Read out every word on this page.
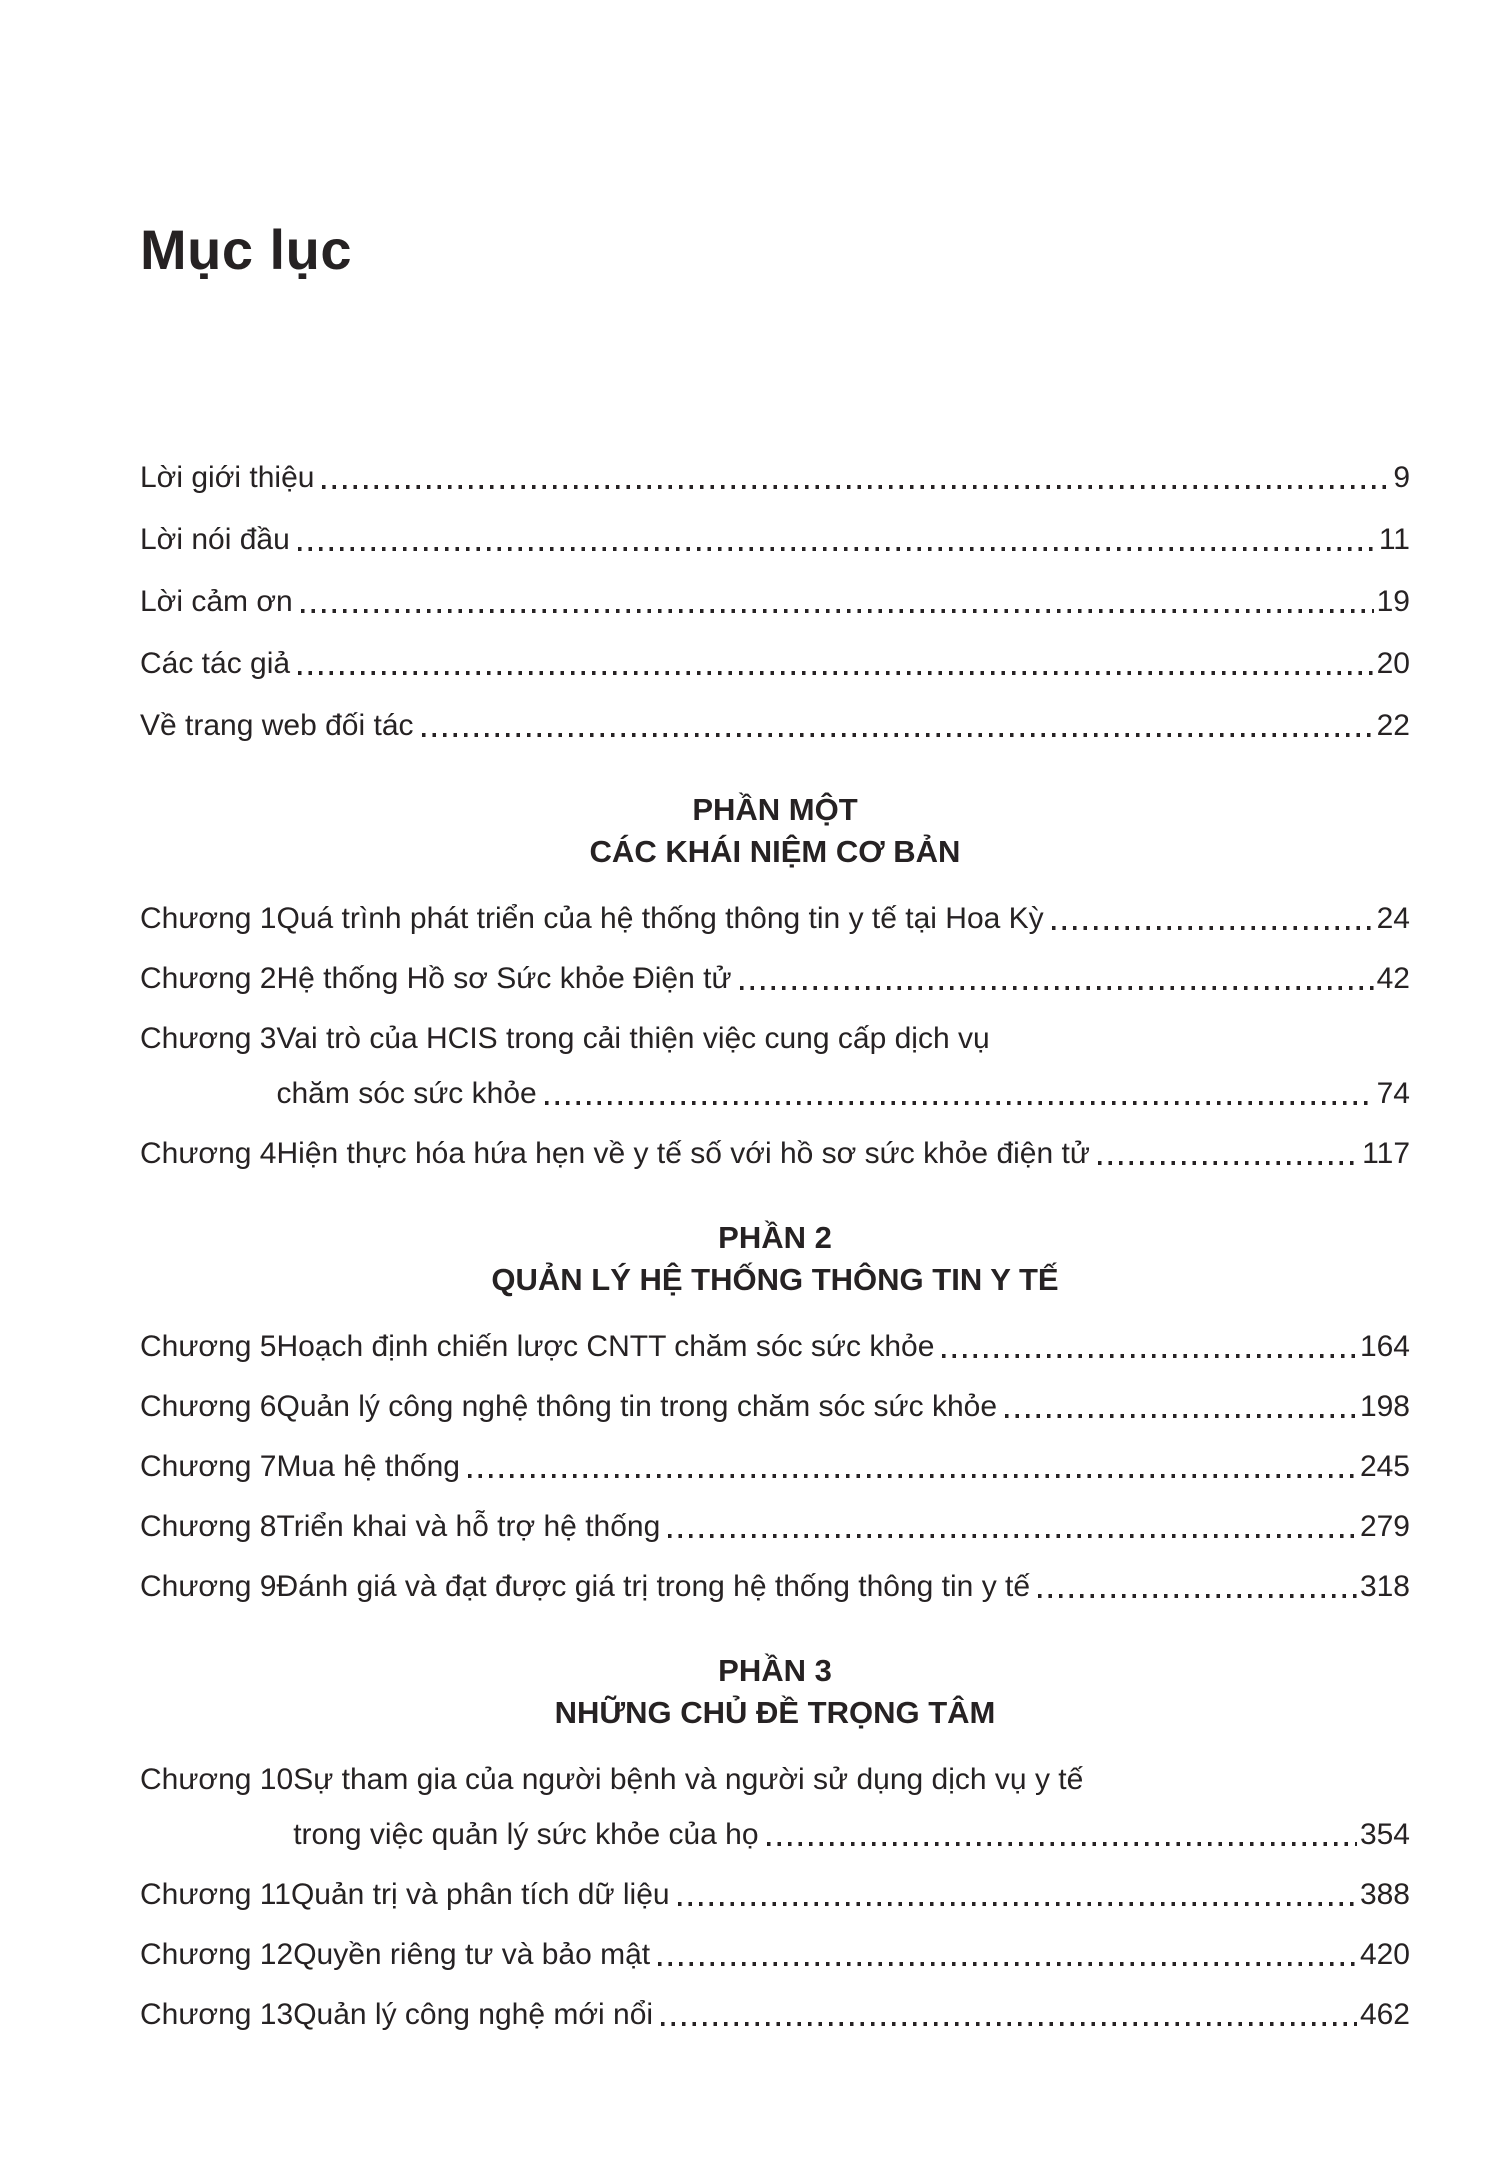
Mục lục
Lời giới thiệu	9
Lời nói đầu	11
Lời cảm ơn	19
Các tác giả	20
Về trang web đối tác	22
PHẦN MỘT
CÁC KHÁI NIỆM CƠ BẢN
Chương 1 Quá trình phát triển của hệ thống thông tin y tế tại Hoa Kỳ	24
Chương 2 Hệ thống Hồ sơ Sức khỏe Điện tử	42
Chương 3 Vai trò của HCIS trong cải thiện việc cung cấp dịch vụ
chăm sóc sức khỏe	74
Chương 4 Hiện thực hóa hứa hẹn về y tế số với hồ sơ sức khỏe điện tử	117
PHẦN 2
QUẢN LÝ HỆ THỐNG THÔNG TIN Y TẾ
Chương 5 Hoạch định chiến lược CNTT chăm sóc sức khỏe	164
Chương 6 Quản lý công nghệ thông tin trong chăm sóc sức khỏe	198
Chương 7 Mua hệ thống	245
Chương 8 Triển khai và hỗ trợ hệ thống	279
Chương 9 Đánh giá và đạt được giá trị trong hệ thống thông tin y tế	318
PHẦN 3
NHỮNG CHỦ ĐỀ TRỌNG TÂM
Chương 10 Sự tham gia của người bệnh và người sử dụng dịch vụ y tế
trong việc quản lý sức khỏe của họ	354
Chương 11 Quản trị và phân tích dữ liệu	388
Chương 12 Quyền riêng tư và bảo mật	420
Chương 13 Quản lý công nghệ mới nổi	462
